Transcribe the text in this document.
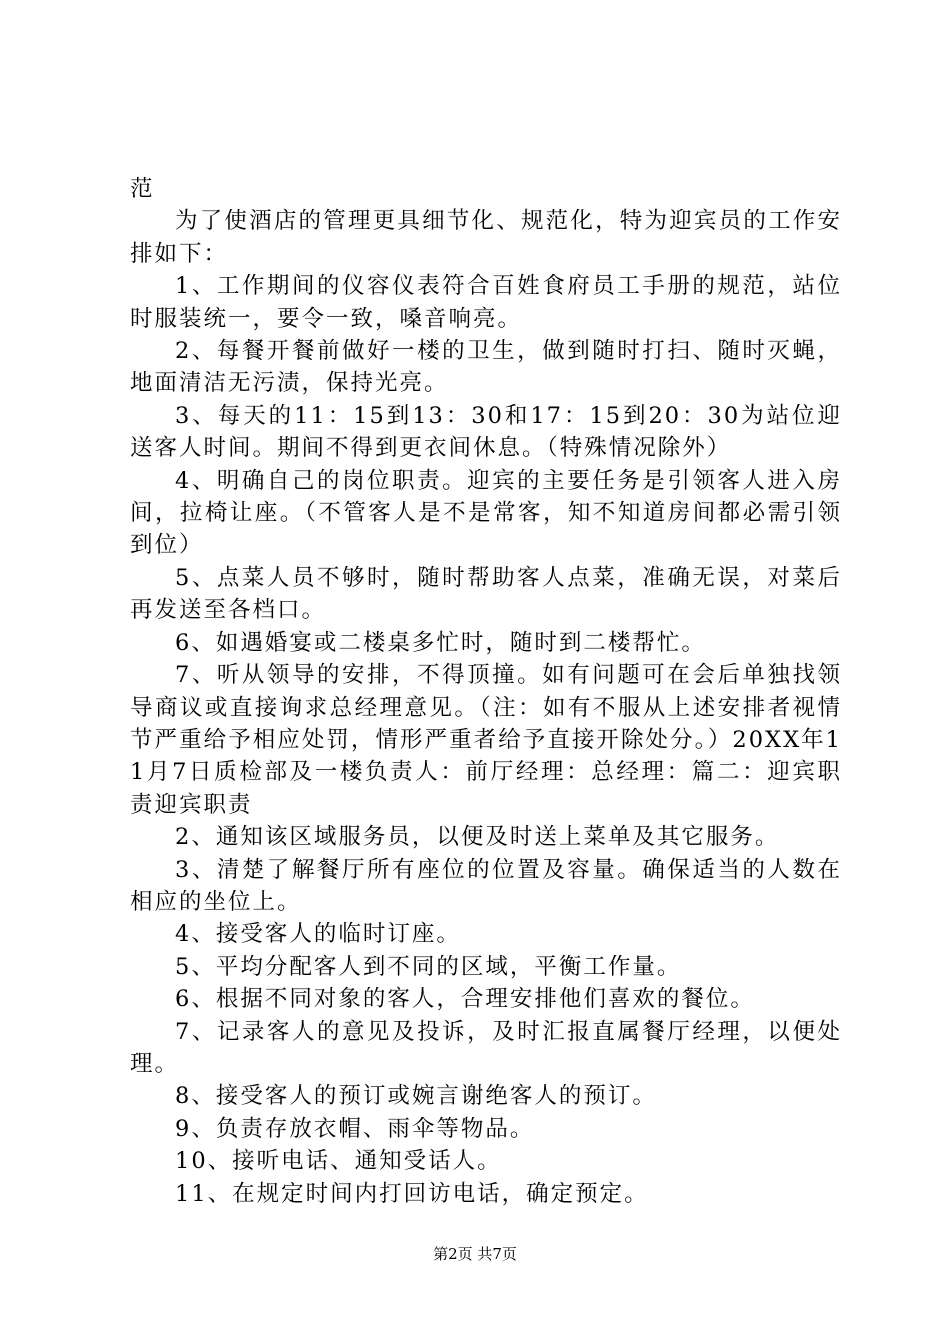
范

为了使酒店的管理更具细节化、规范化，特为迎宾员的工作安排如下：

1、工作期间的仪容仪表符合百姓食府员工手册的规范，站位时服装统一，要令一致，嗓音响亮。

2、每餐开餐前做好一楼的卫生，做到随时打扫、随时灭蝇，地面清洁无污渍，保持光亮。

3、每天的11：15到13：30和17：15到20：30为站位迎送客人时间。期间不得到更衣间休息。（特殊情况除外）

4、明确自己的岗位职责。迎宾的主要任务是引领客人进入房间，拉椅让座。（不管客人是不是常客，知不知道房间都必需引领到位）

5、点菜人员不够时，随时帮助客人点菜，准确无误，对菜后再发送至各档口。

6、如遇婚宴或二楼桌多忙时，随时到二楼帮忙。

7、听从领导的安排，不得顶撞。如有问题可在会后单独找领导商议或直接询求总经理意见。（注：如有不服从上述安排者视情节严重给予相应处罚，情形严重者给予直接开除处分。）20XX年11月7日质检部及一楼负责人：前厅经理：总经理：篇二：迎宾职责迎宾职责

2、通知该区域服务员，以便及时送上菜单及其它服务。

3、清楚了解餐厅所有座位的位置及容量。确保适当的人数在相应的坐位上。

4、接受客人的临时订座。

5、平均分配客人到不同的区域，平衡工作量。

6、根据不同对象的客人，合理安排他们喜欢的餐位。

7、记录客人的意见及投诉，及时汇报直属餐厅经理，以便处理。

8、接受客人的预订或婉言谢绝客人的预订。

9、负责存放衣帽、雨伞等物品。

10、接听电话、通知受话人。

11、在规定时间内打回访电话，确定预定。

第2页 共7页
